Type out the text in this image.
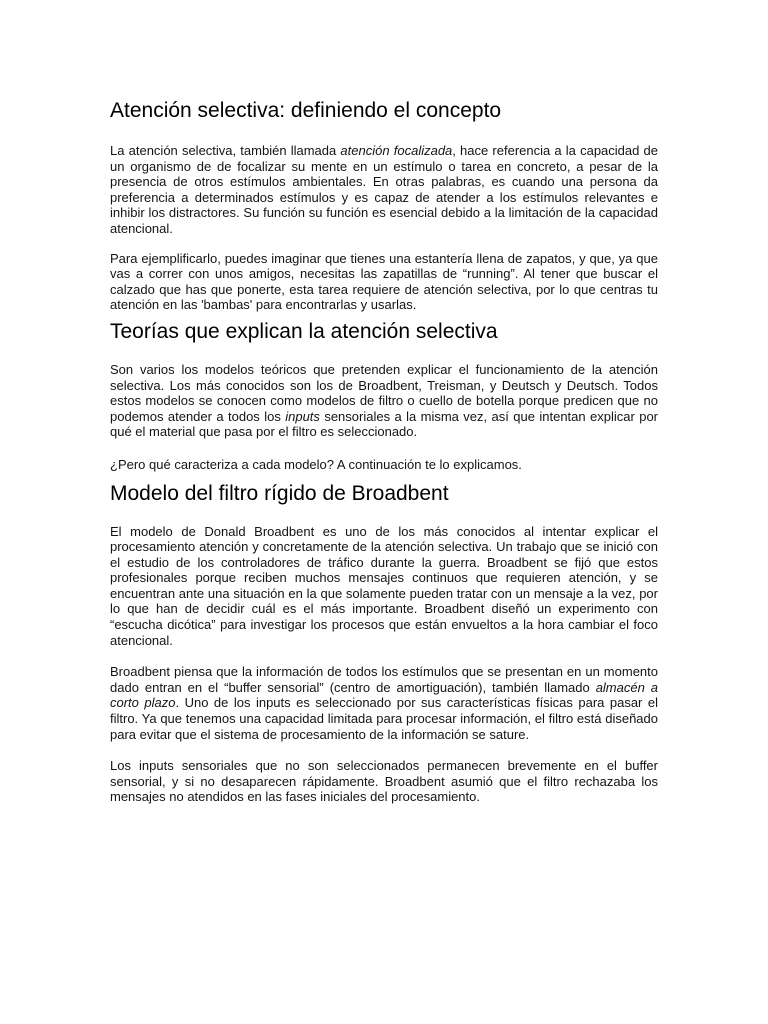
Atención selectiva: definiendo el concepto

La atención selectiva, también llamada atención focalizada, hace referencia a la capacidad de un organismo de de focalizar su mente en un estímulo o tarea en concreto, a pesar de la presencia de otros estímulos ambientales. En otras palabras, es cuando una persona da preferencia a determinados estímulos y es capaz de atender a los estímulos relevantes e inhibir los distractores. Su función su función es esencial debido a la limitación de la capacidad atencional.

Para ejemplificarlo, puedes imaginar que tienes una estantería llena de zapatos, y que, ya que vas a correr con unos amigos, necesitas las zapatillas de “running”. Al tener que buscar el calzado que has que ponerte, esta tarea requiere de atención selectiva, por lo que centras tu atención en las 'bambas' para encontrarlas y usarlas.

Teorías que explican la atención selectiva

Son varios los modelos teóricos que pretenden explicar el funcionamiento de la atención selectiva. Los más conocidos son los de Broadbent, Treisman, y Deutsch y Deutsch. Todos estos modelos se conocen como modelos de filtro o cuello de botella porque predicen que no podemos atender a todos los inputs sensoriales a la misma vez, así que intentan explicar por qué el material que pasa por el filtro es seleccionado.

¿Pero qué caracteriza a cada modelo? A continuación te lo explicamos.

Modelo del filtro rígido de Broadbent

El modelo de Donald Broadbent es uno de los más conocidos al intentar explicar el procesamiento atención y concretamente de la atención selectiva. Un trabajo que se inició con el estudio de los controladores de tráfico durante la guerra. Broadbent se fijó que estos profesionales porque reciben muchos mensajes continuos que requieren atención, y se encuentran ante una situación en la que solamente pueden tratar con un mensaje a la vez, por lo que han de decidir cuál es el más importante. Broadbent diseñó un experimento con “escucha dicótica” para investigar los procesos que están envueltos a la hora cambiar el foco atencional.

Broadbent piensa que la información de todos los estímulos que se presentan en un momento dado entran en el “buffer sensorial” (centro de amortiguación), también llamado almacén a corto plazo. Uno de los inputs es seleccionado por sus características físicas para pasar el filtro. Ya que tenemos una capacidad limitada para procesar información, el filtro está diseñado para evitar que el sistema de procesamiento de la información se sature.

Los inputs sensoriales que no son seleccionados permanecen brevemente en el buffer sensorial, y si no desaparecen rápidamente. Broadbent asumió que el filtro rechazaba los mensajes no atendidos en las fases iniciales del procesamiento.
